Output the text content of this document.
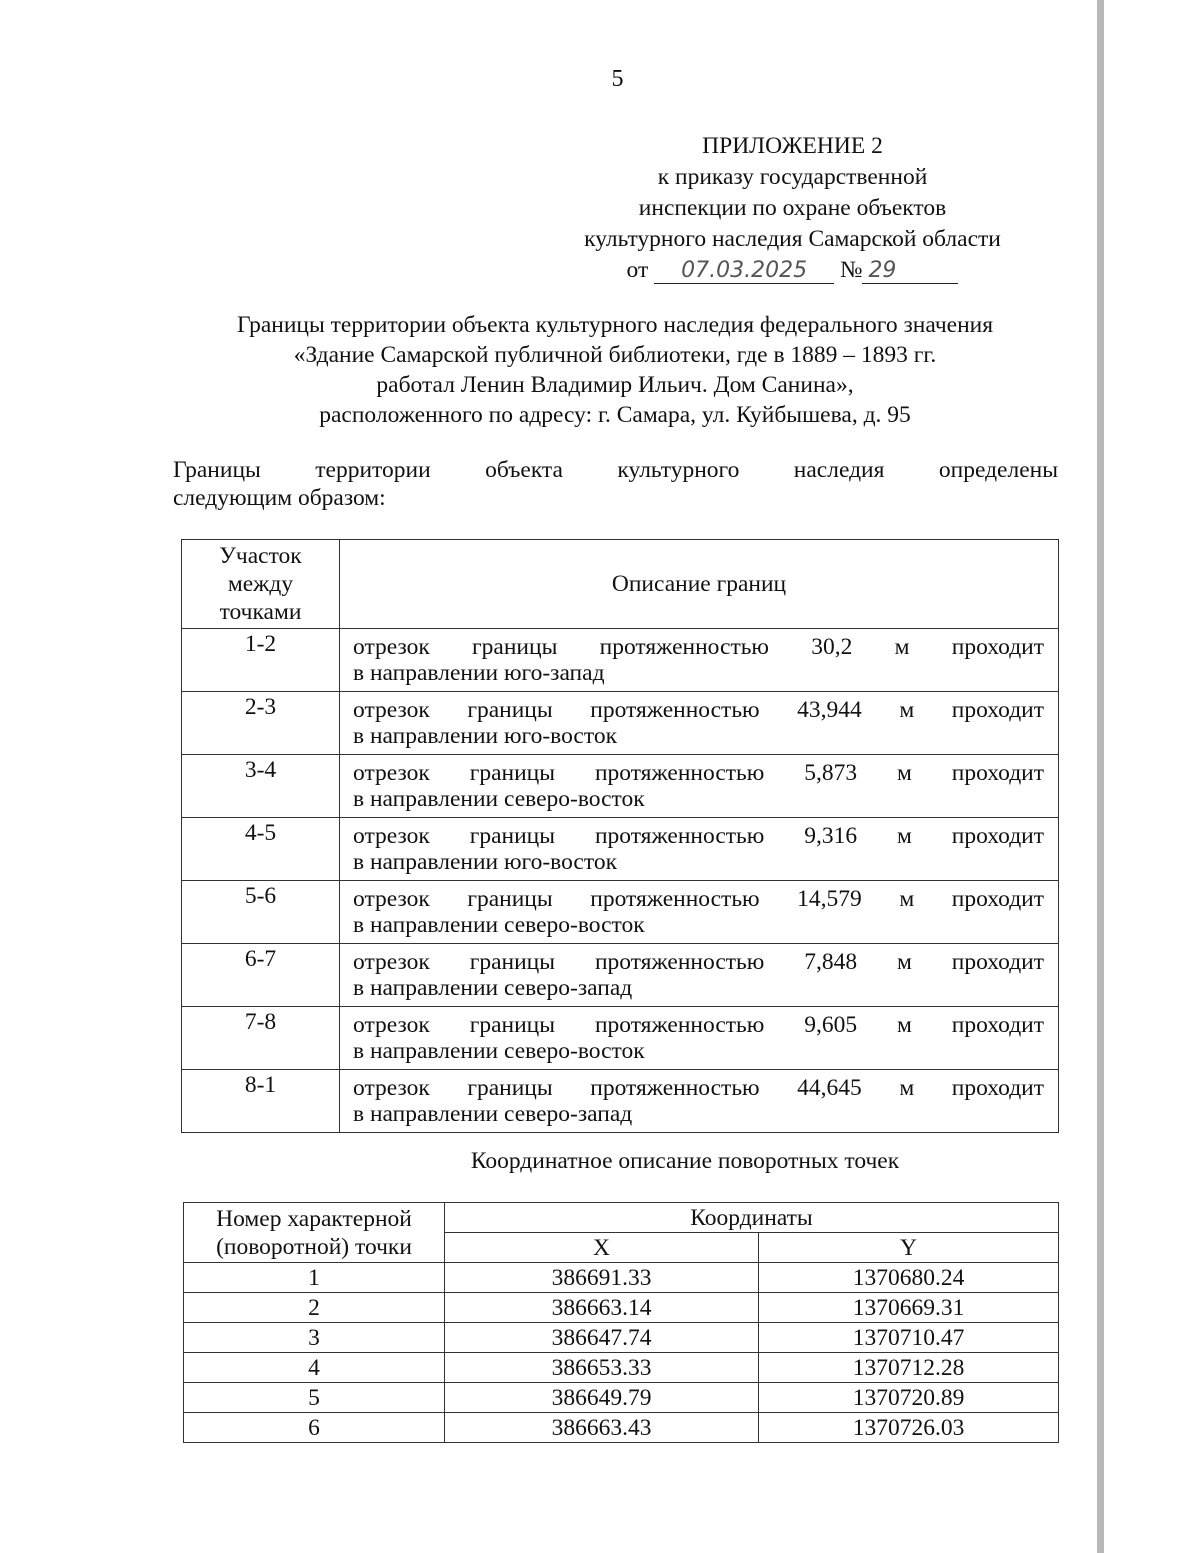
5
ПРИЛОЖЕНИЕ 2
к приказу государственной
инспекции по охране объектов
культурного наследия Самарской области
от 07.03.2025 № 29
Границы территории объекта культурного наследия федерального значения
«Здание Самарской публичной библиотеки, где в 1889 – 1893 гг.
работал Ленин Владимир Ильич. Дом Санина»,
расположенного по адресу: г. Самара, ул. Куйбышева, д. 95
Границы территории объекта культурного наследия определены
следующим образом:
Участок
между
точками	Описание границ
1-2	отрезок границы протяженностью 30,2 м проходит
в направлении юго-запад
2-3	отрезок границы протяженностью 43,944 м проходит
в направлении юго-восток
3-4	отрезок границы протяженностью 5,873 м проходит
в направлении северо-восток
4-5	отрезок границы протяженностью 9,316 м проходит
в направлении юго-восток
5-6	отрезок границы протяженностью 14,579 м проходит
в направлении северо-восток
6-7	отрезок границы протяженностью 7,848 м проходит
в направлении северо-запад
7-8	отрезок границы протяженностью 9,605 м проходит
в направлении северо-восток
8-1	отрезок границы протяженностью 44,645 м проходит
в направлении северо-запад
Координатное описание поворотных точек
Номер характерной
(поворотной) точки	Координаты	
	X	Y
1	386691.33	1370680.24
2	386663.14	1370669.31
3	386647.74	1370710.47
4	386653.33	1370712.28
5	386649.79	1370720.89
6	386663.43	1370726.03
